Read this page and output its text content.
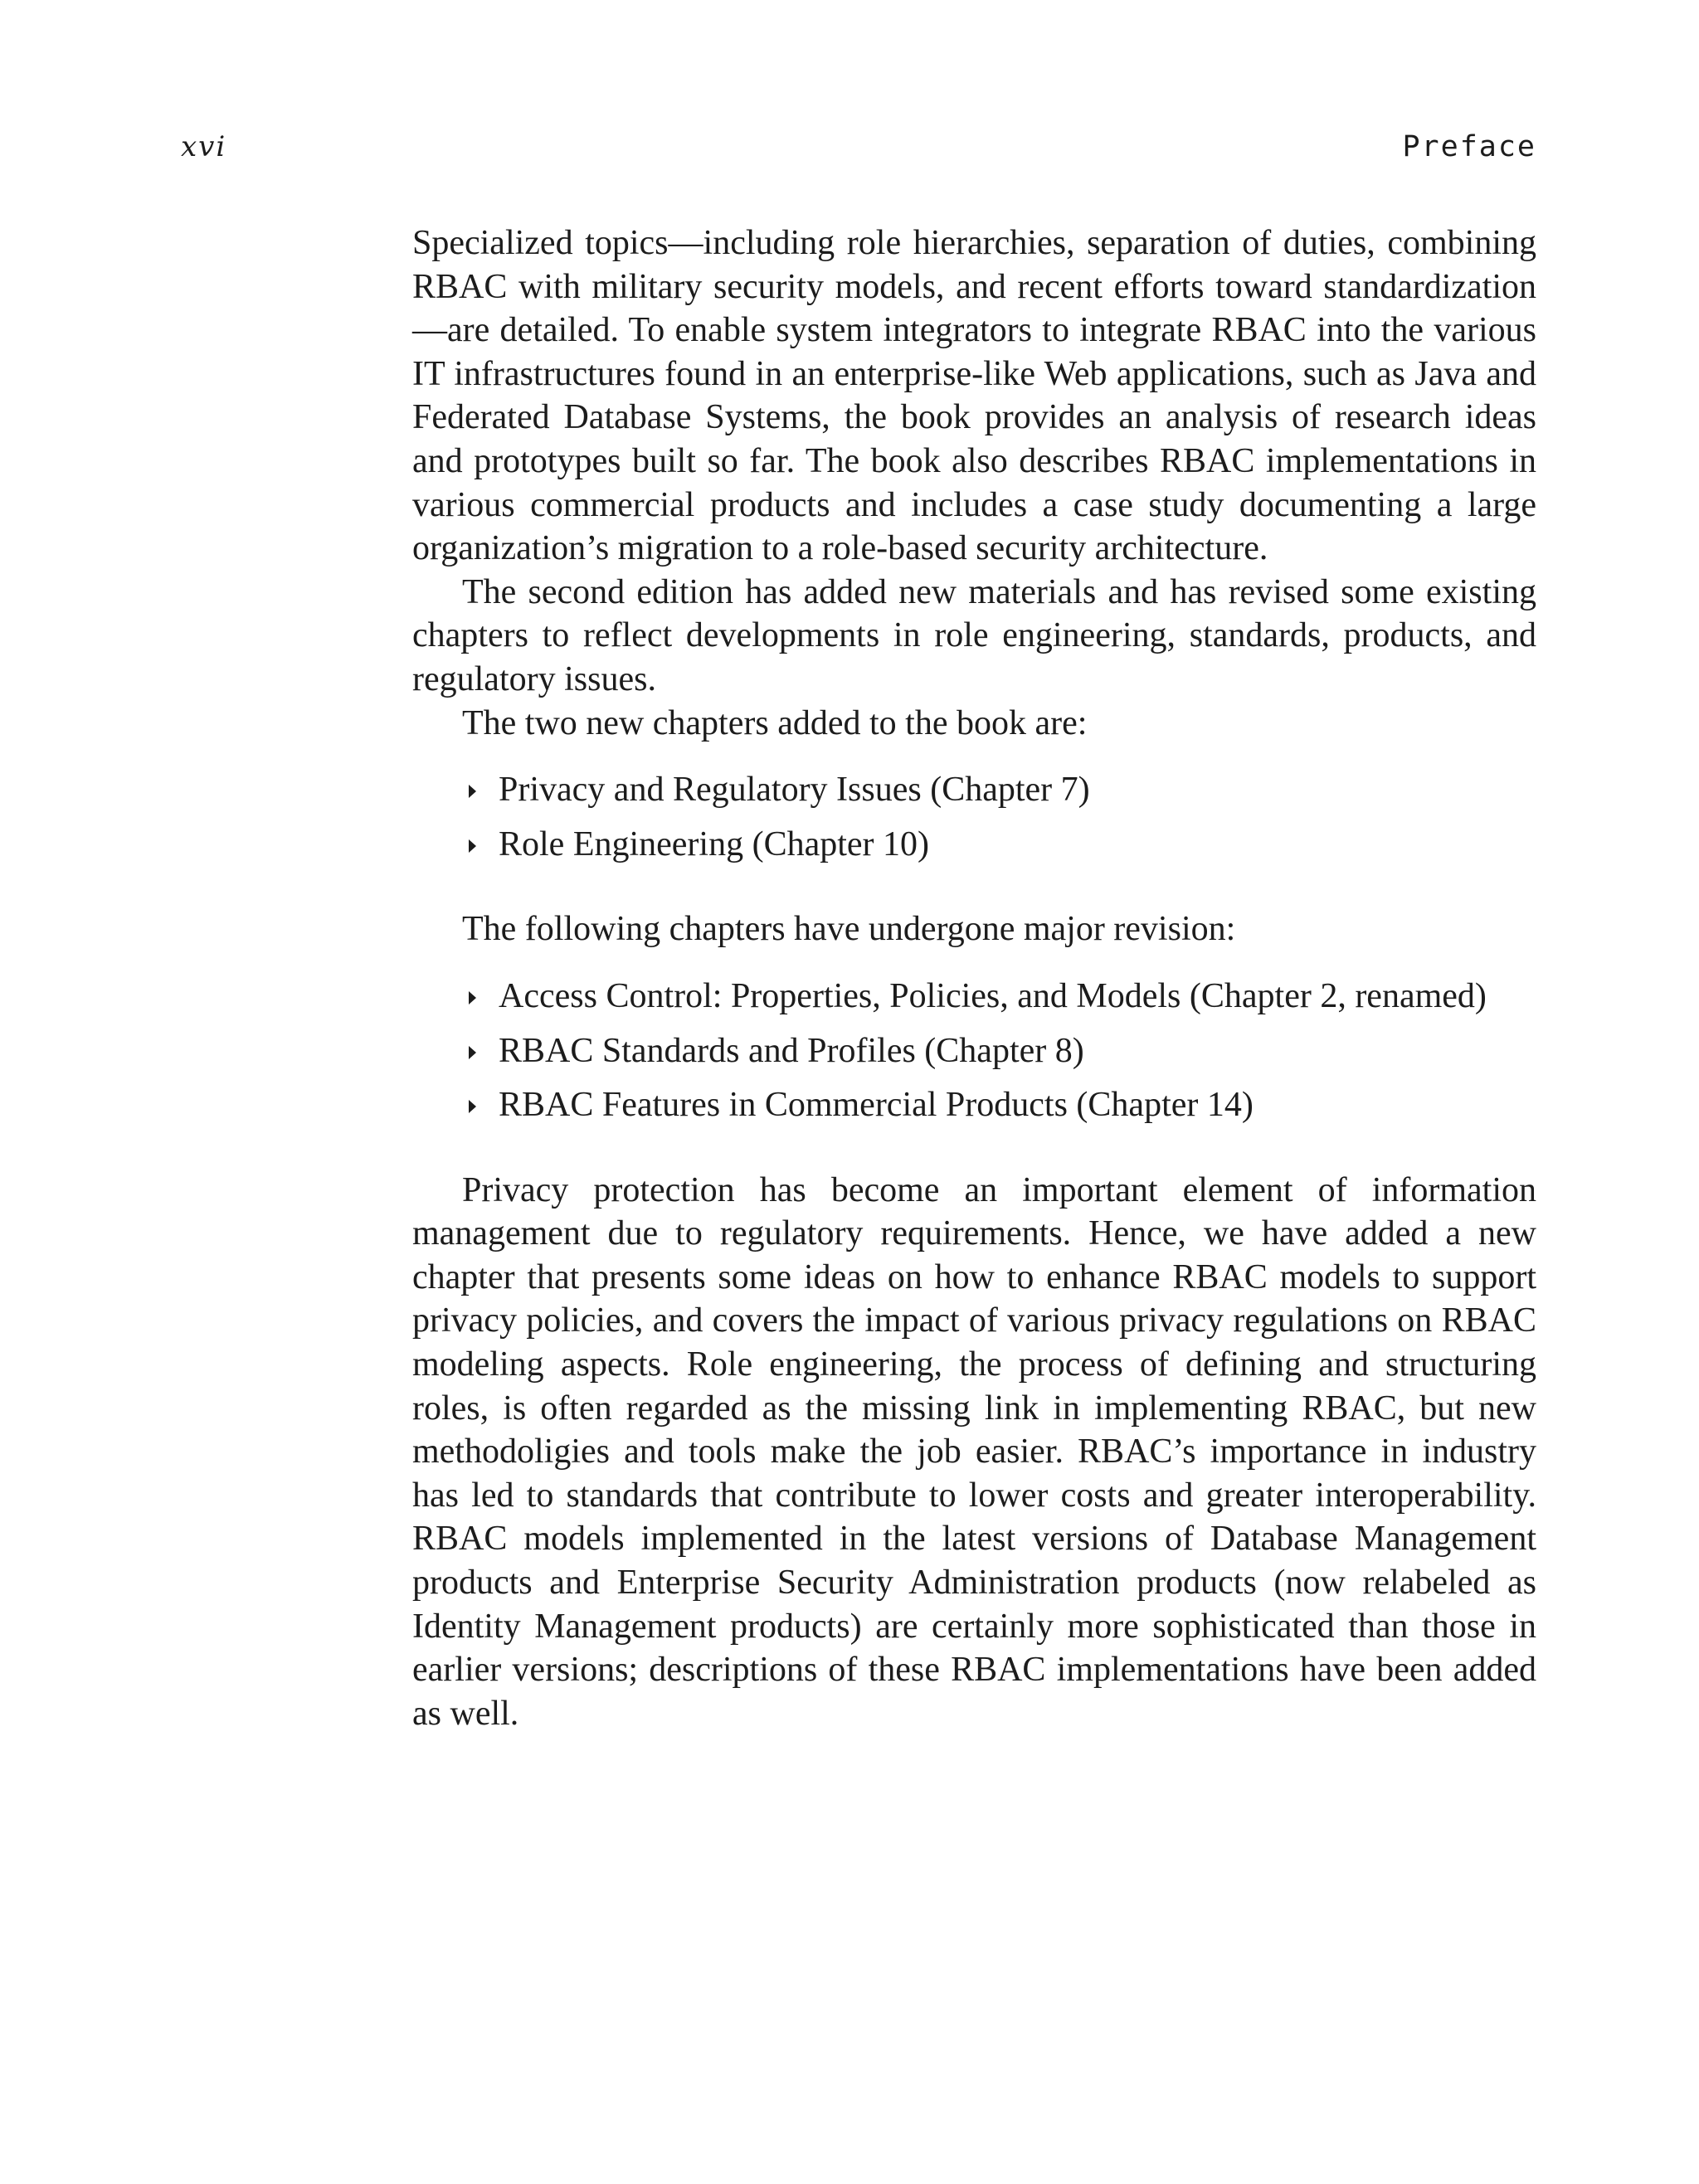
xvi	Preface

Specialized topics—including role hierarchies, separation of duties, combining RBAC with military security models, and recent efforts toward standardization—are detailed. To enable system integrators to integrate RBAC into the various IT infrastructures found in an enterprise-like Web applications, such as Java and Federated Database Systems, the book provides an analysis of research ideas and prototypes built so far. The book also describes RBAC implementations in various commercial products and includes a case study documenting a large organization’s migration to a role-based security architecture.

The second edition has added new materials and has revised some existing chapters to reflect developments in role engineering, standards, products, and regulatory issues.

The two new chapters added to the book are:

Privacy and Regulatory Issues (Chapter 7)
Role Engineering (Chapter 10)

The following chapters have undergone major revision:

Access Control: Properties, Policies, and Models (Chapter 2, renamed)
RBAC Standards and Profiles (Chapter 8)
RBAC Features in Commercial Products (Chapter 14)

Privacy protection has become an important element of information management due to regulatory requirements. Hence, we have added a new chapter that presents some ideas on how to enhance RBAC models to support privacy policies, and covers the impact of various privacy regulations on RBAC modeling aspects. Role engineering, the process of defining and structuring roles, is often regarded as the missing link in implementing RBAC, but new methodoligies and tools make the job easier. RBAC’s importance in industry has led to standards that contribute to lower costs and greater interoperability. RBAC models implemented in the latest versions of Database Management products and Enterprise Security Administration products (now relabeled as Identity Management products) are certainly more sophisticated than those in earlier versions; descriptions of these RBAC implementations have been added as well.
